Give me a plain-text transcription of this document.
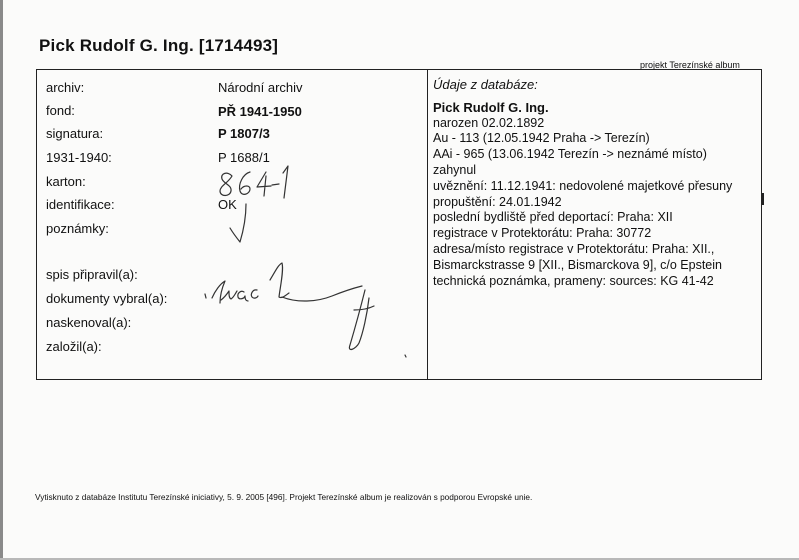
Pick Rudolf G. Ing. [1714493]
projekt Terezínské album
archiv:	Národní archiv
fond:	PŘ 1941-1950
signatura:	P 1807/3
1931-1940:	P 1688/1
karton:
identifikace:	OK
poznámky:
spis připravil(a):
dokumenty vybral(a):
naskenoval(a):
založil(a):
Údaje z databáze:
Pick Rudolf G. Ing.
narozen 02.02.1892
Au - 113 (12.05.1942 Praha -> Terezín)
AAi - 965 (13.06.1942 Terezín -> neznámé místo)
zahynul
uvěznění: 11.12.1941: nedovolené majetkové přesuny
propuštění: 24.01.1942
poslední bydliště před deportací: Praha: XII
registrace v Protektorátu: Praha: 30772
adresa/místo registrace v Protektorátu: Praha: XII., Bismarckstrasse 9 [XII., Bismarckova 9], c/o Epstein
technická poznámka, prameny: sources: KG 41-42
Vytisknuto z databáze Institutu Terezínské iniciativy, 5. 9. 2005 [496]. Projekt Terezínské album je realizován s podporou Evropské unie.
